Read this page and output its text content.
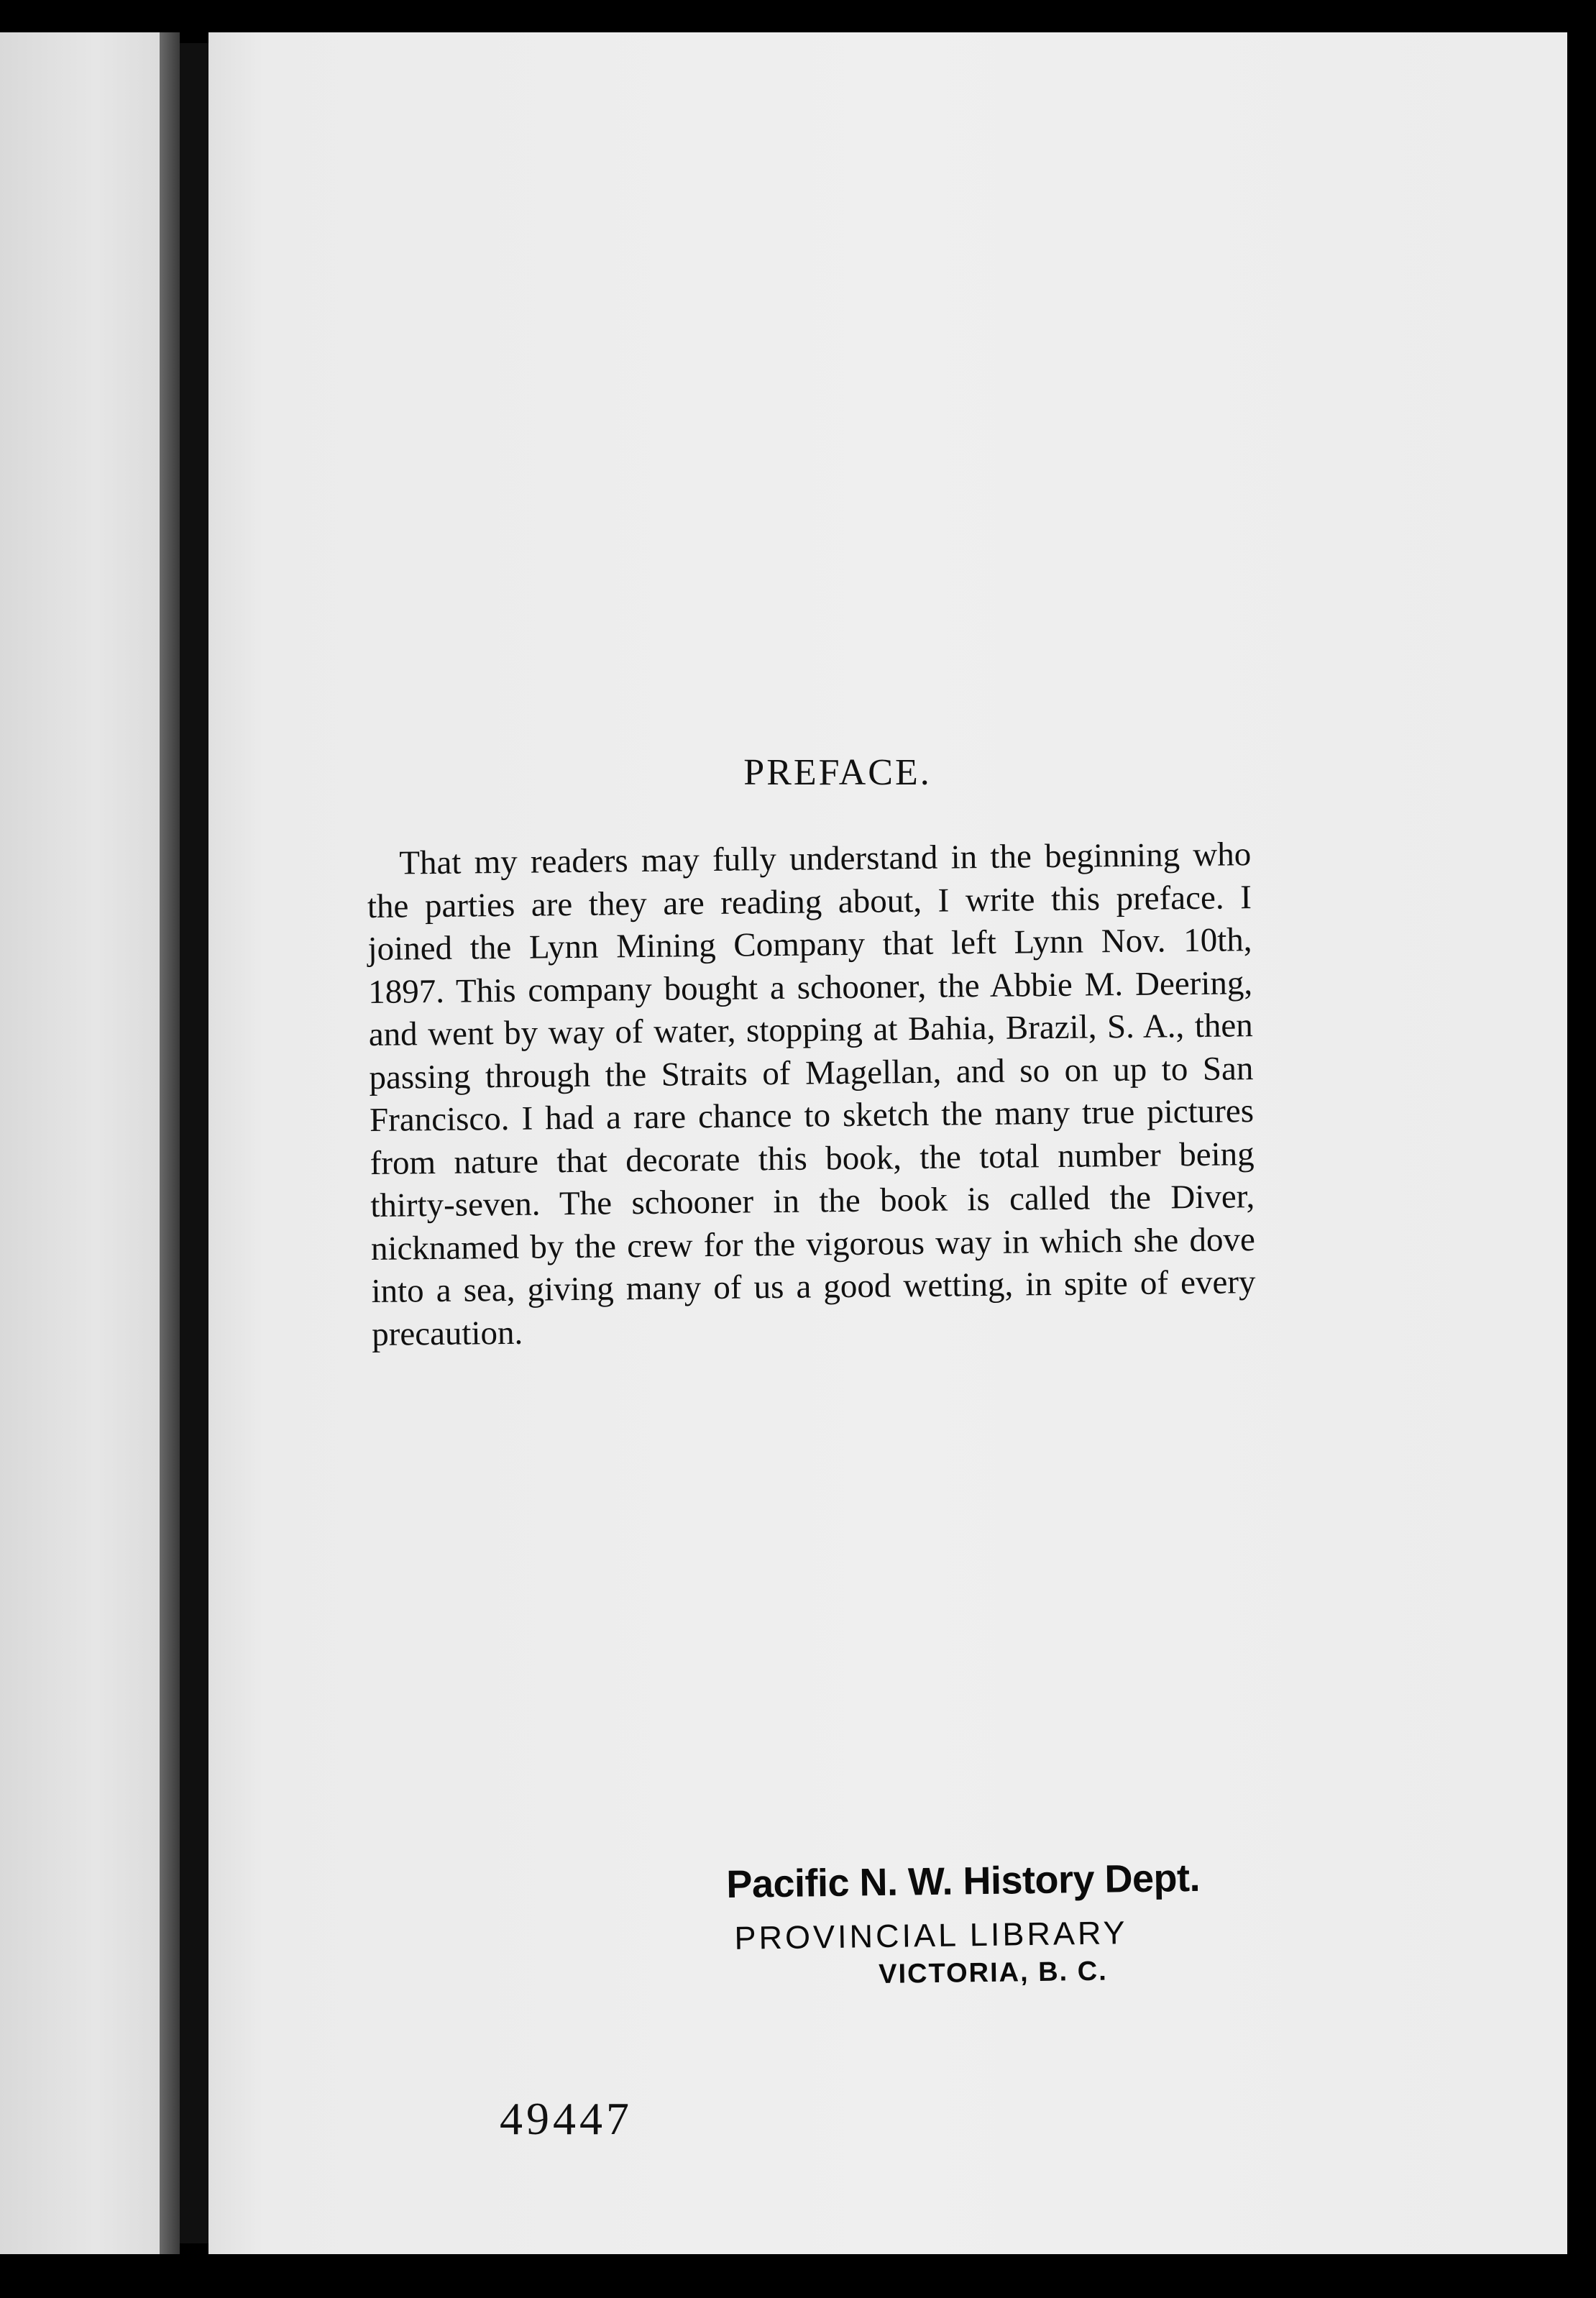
PREFACE.

That my readers may fully understand in the beginning who the parties are they are reading about, I write this preface. I joined the Lynn Mining Company that left Lynn Nov. 10th, 1897. This company bought a schooner, the Abbie M. Deering, and went by way of water, stopping at Bahia, Brazil, S. A., then passing through the Straits of Magellan, and so on up to San Francisco. I had a rare chance to sketch the many true pictures from nature that decorate this book, the total number being thirty-seven. The schooner in the book is called the Diver, nicknamed by the crew for the vigorous way in which she dove into a sea, giving many of us a good wetting, in spite of every precaution.

Pacific N. W. History Dept.
PROVINCIAL LIBRARY
VICTORIA, B. C.
49447
